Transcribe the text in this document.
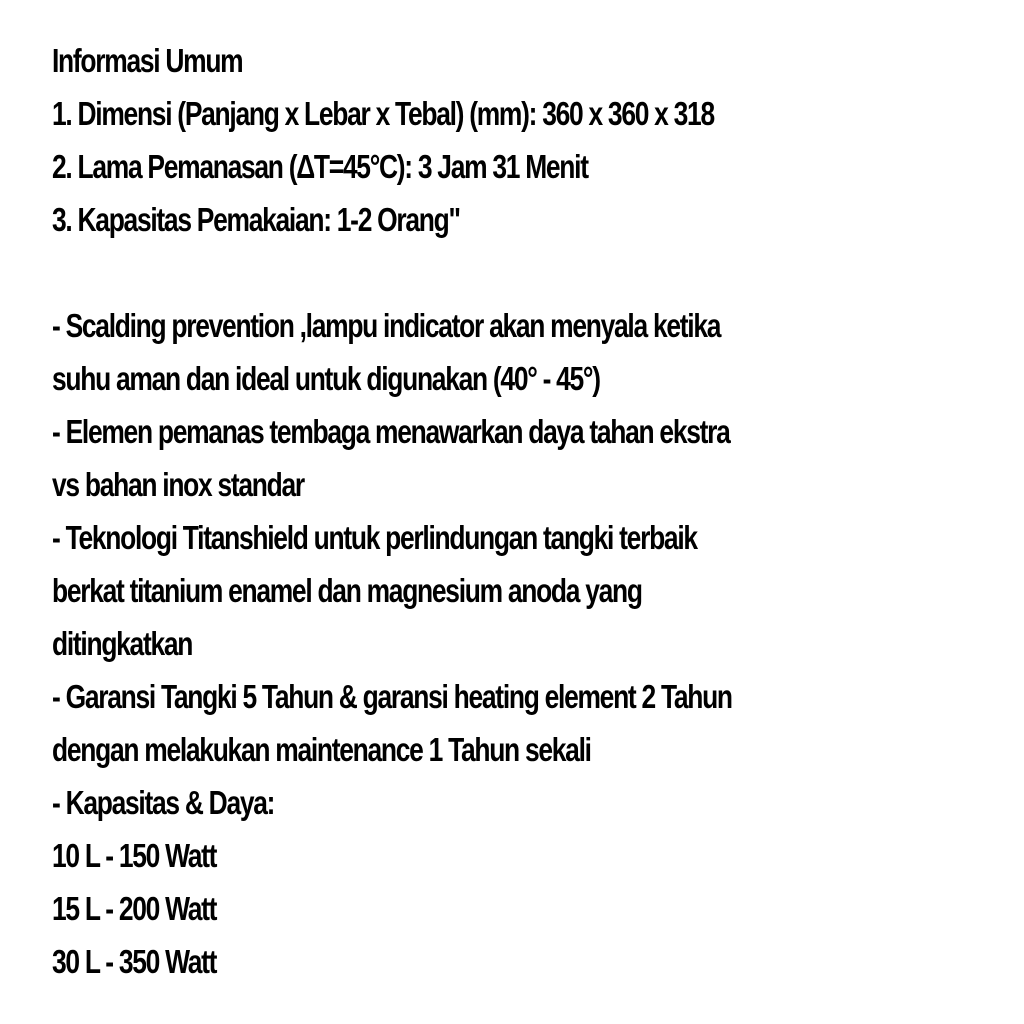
Informasi Umum
1. Dimensi (Panjang x Lebar x Tebal) (mm): 360 x 360 x 318
2. Lama Pemanasan (ΔT=45°C): 3 Jam 31 Menit
3. Kapasitas Pemakaian: 1-2 Orang"
- Scalding prevention ,lampu indicator akan menyala ketika
suhu aman dan ideal untuk digunakan (40° - 45°)
- Elemen pemanas tembaga menawarkan daya tahan ekstra
vs bahan inox standar
- Teknologi Titanshield untuk perlindungan tangki terbaik
berkat titanium enamel dan magnesium anoda yang
ditingkatkan
- Garansi Tangki 5 Tahun & garansi heating element 2 Tahun
dengan melakukan maintenance 1 Tahun sekali
- Kapasitas & Daya:
10 L - 150 Watt
15 L - 200 Watt
30 L - 350 Watt
